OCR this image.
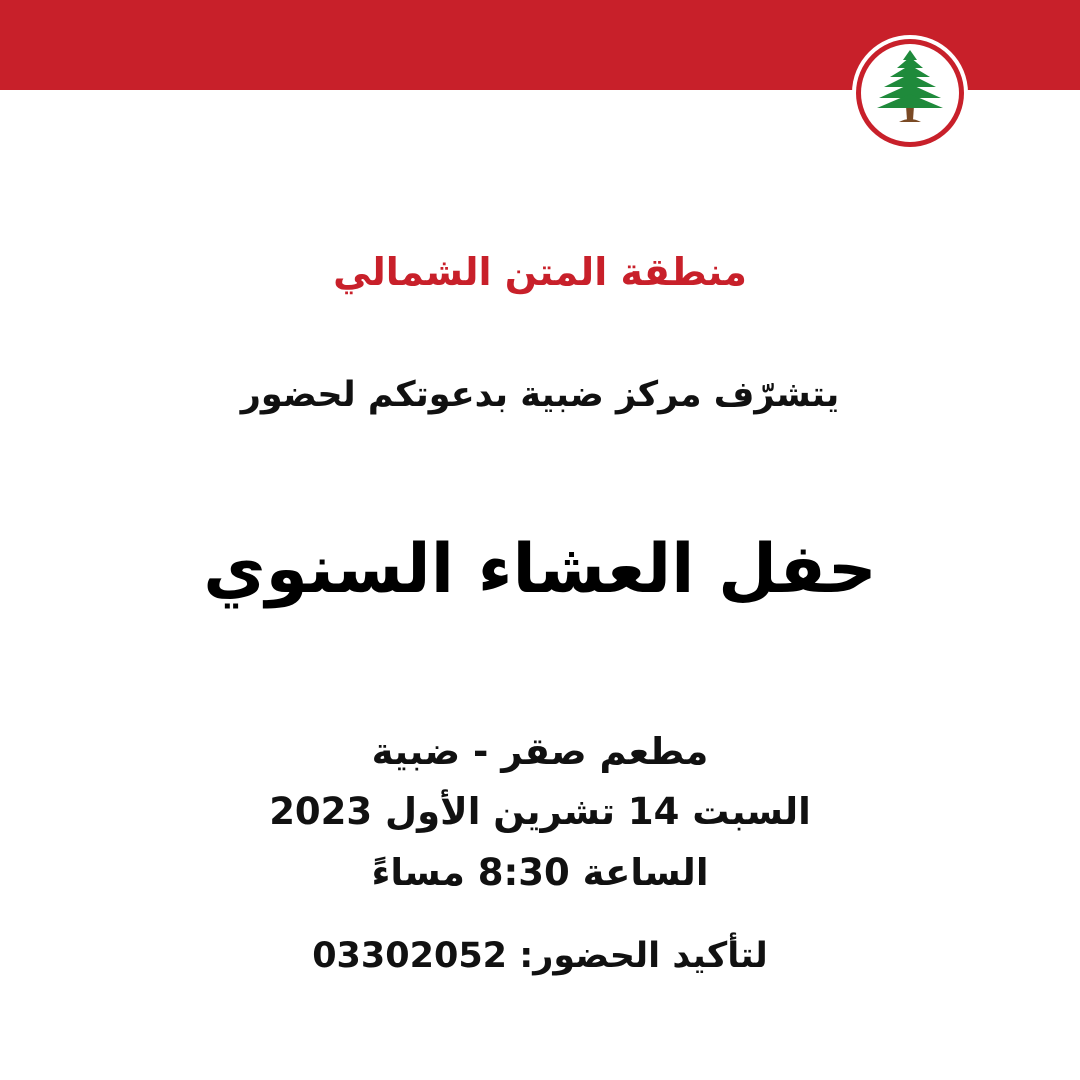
منطقة المتن الشمالي
يتشرّف مركز ضبية بدعوتكم لحضور
حفل العشاء السنوي
مطعم صقر - ضبية
السبت 14 تشرين الأول 2023
الساعة 8:30 مساءً
لتأكيد الحضور: 03302052
